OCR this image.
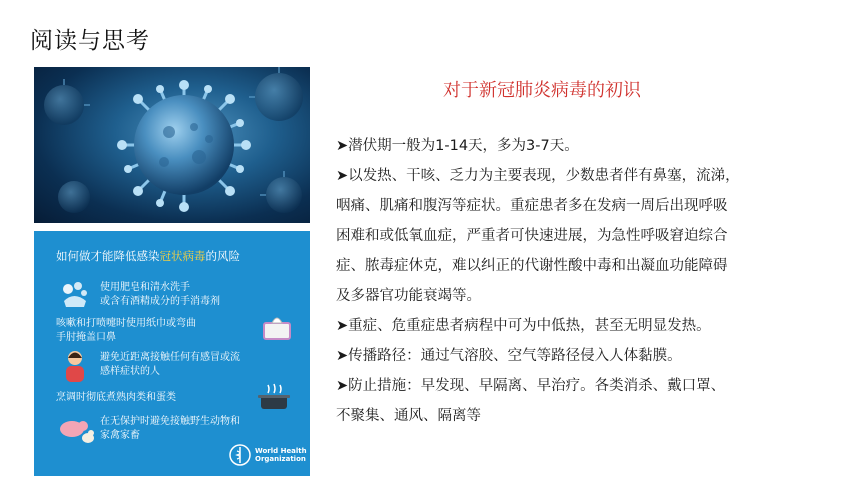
阅读与思考
如何做才能降低感染冠状病毒的风险
使用肥皂和清水洗手
或含有酒精成分的手消毒剂
咳嗽和打喷嚏时使用纸巾或弯曲
手肘掩盖口鼻
避免近距离接触任何有感冒或流
感样症状的人
烹调时彻底煮熟肉类和蛋类
在无保护时避免接触野生动物和
家禽家畜
World Health
Organization
对于新冠肺炎病毒的初识
➤潜伏期一般为1-14天，多为3-7天。
➤以发热、干咳、乏力为主要表现，少数患者伴有鼻塞，流涕，
咽痛、肌痛和腹泻等症状。重症患者多在发病一周后出现呼吸
困难和或低氧血症，严重者可快速进展，为急性呼吸窘迫综合
症、脓毒症休克，难以纠正的代谢性酸中毒和出凝血功能障碍
及多器官功能衰竭等。
➤重症、危重症患者病程中可为中低热，甚至无明显发热。
➤传播路径：通过气溶胶、空气等路径侵入人体黏膜。
➤防止措施：早发现、早隔离、早治疗。各类消杀、戴口罩、
不聚集、通风、隔离等
